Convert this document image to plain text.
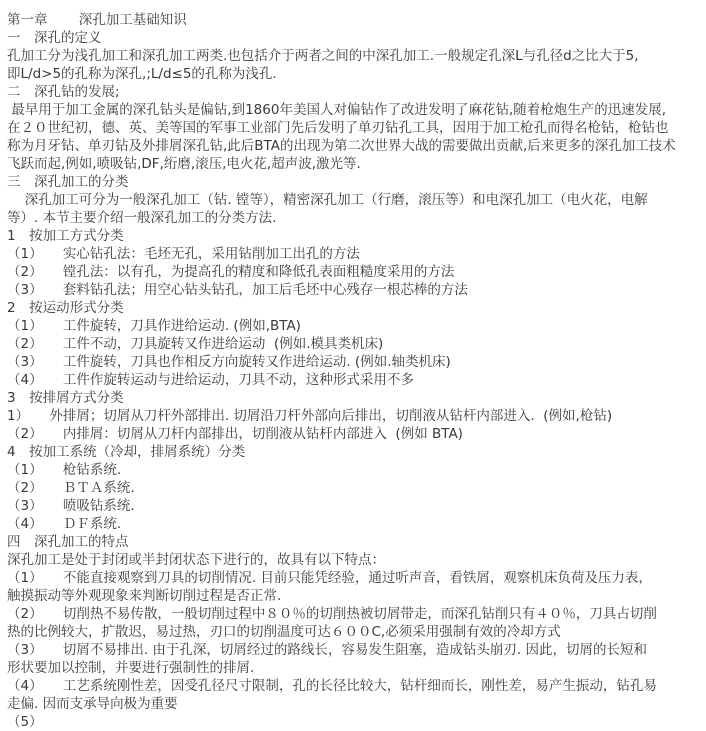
第一章　　 深孔加工基础知识
一　深孔的定义
孔加工分为浅孔加工和深孔加工两类.也包括介于两者之间的中深孔加工.一般规定孔深L与孔径d之比大于5,
即L/d>5的孔称为深孔,;L/d≤5的孔称为浅孔.
二　深孔钻的发展;
最早用于加工金属的深孔钻头是偏钻,到1860年美国人对偏钻作了改进发明了麻花钻,随着枪炮生产的迅速发展,
在２０世纪初，德、英、美等国的军事工业部门先后发明了单刃钻孔工具，因用于加工枪孔而得名枪钻，枪钻也
称为月牙钻、单刃钻及外排屑深孔钻,此后BTA的出现为第二次世界大战的需要做出贡献,后来更多的深孔加工技术
飞跃而起,例如,喷吸钻,DF,绗磨,滚压,电火花,超声波,激光等.
三　深孔加工的分类
　 深孔加工可分为一般深孔加工（钻. 镗等），精密深孔加工（行磨，滚压等）和电深孔加工（电火花，电解
等）. 本节主要介绍一般深孔加工的分类方法.
1　按加工方式分类
（1）　　实心钻孔法：毛坯无孔，采用钻削加工出孔的方法
（2）　　镗孔法：以有孔，为提高孔的精度和降低孔表面粗糙度采用的方法
（3）　　套料钻孔法；用空心钻头钻孔，加工后毛坯中心残存一根芯棒的方法
2　按运动形式分类
（1）　　工件旋转，刀具作进给运动. (例如,BTA)
（2）　　工件不动，刀具旋转又作进给运动  (例如.模具类机床)
（3）　　工件旋转，刀具也作相反方向旋转又作进给运动. (例如.轴类机床)
（4）　　工件作旋转运动与进给运动，刀具不动，这种形式采用不多
3　按排屑方式分类
1）　　外排屑；切屑从刀杆外部排出. 切屑沿刀杆外部向后排出，切削液从钻杆内部进入.  (例如,枪钻)
（2）　　内排屑：切屑从刀杆内部排出，切削液从钻杆内部进入  (例如 BTA)
4　按加工系统（冷却，排屑系统）分类
（1）　　枪钻系统.
（2）　　ＢＴＡ系统.
（3）　　喷吸钻系统.
（4）　　ＤＦ系统.
四　深孔加工的特点
深孔加工是处于封闭或半封闭状态下进行的，故具有以下特点：
（1）　　不能直接观察到刀具的切削情况. 目前只能凭经验，通过听声音，看铁屑，观察机床负荷及压力表，
触摸振动等外观现象来判断切削过程是否正常.
（2）　　切削热不易传散，一般切削过程中８０％的切削热被切屑带走，而深孔钻削只有４０％，刀具占切削
热的比例较大，扩散迟，易过热，刃口的切削温度可达６００C,必须采用强制有效的冷却方式
（3）　　切屑不易排出. 由于孔深，切屑经过的路线长，容易发生阻塞，造成钻头崩刃. 因此，切屑的长短和
形状要加以控制，并要进行强制性的排屑.
（4）　　工艺系统刚性差，因受孔径尺寸限制，孔的长径比较大，钻杆细而长，刚性差，易产生振动，钻孔易
走偏. 因而支承导向极为重要
（5）
